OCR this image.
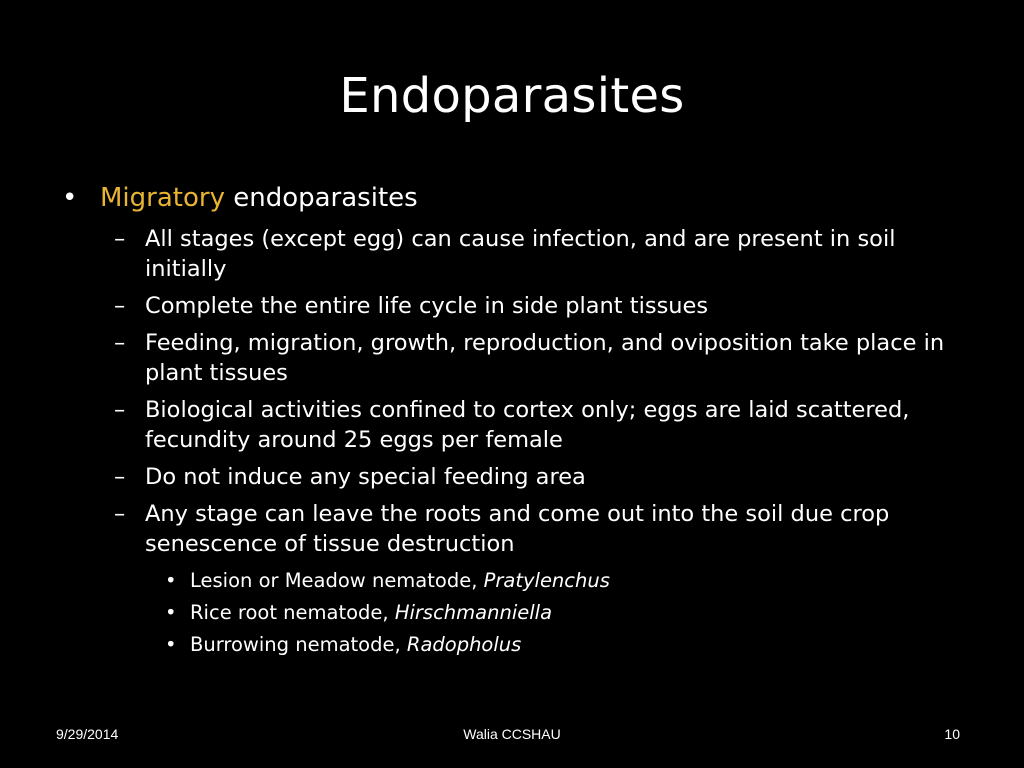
Endoparasites
• Migratory endoparasites
– All stages (except egg) can cause infection, and are present in soil initially
– Complete the entire life cycle in side plant tissues
– Feeding, migration, growth, reproduction, and oviposition take place in plant tissues
– Biological activities confined to cortex only; eggs are laid scattered, fecundity around 25 eggs per female
– Do not induce any special feeding area
– Any stage can leave the roots and come out into the soil due crop senescence of tissue destruction
• Lesion or Meadow nematode, Pratylenchus
• Rice root nematode, Hirschmanniella
• Burrowing nematode, Radopholus
9/29/2014	Walia CCSHAU	10
